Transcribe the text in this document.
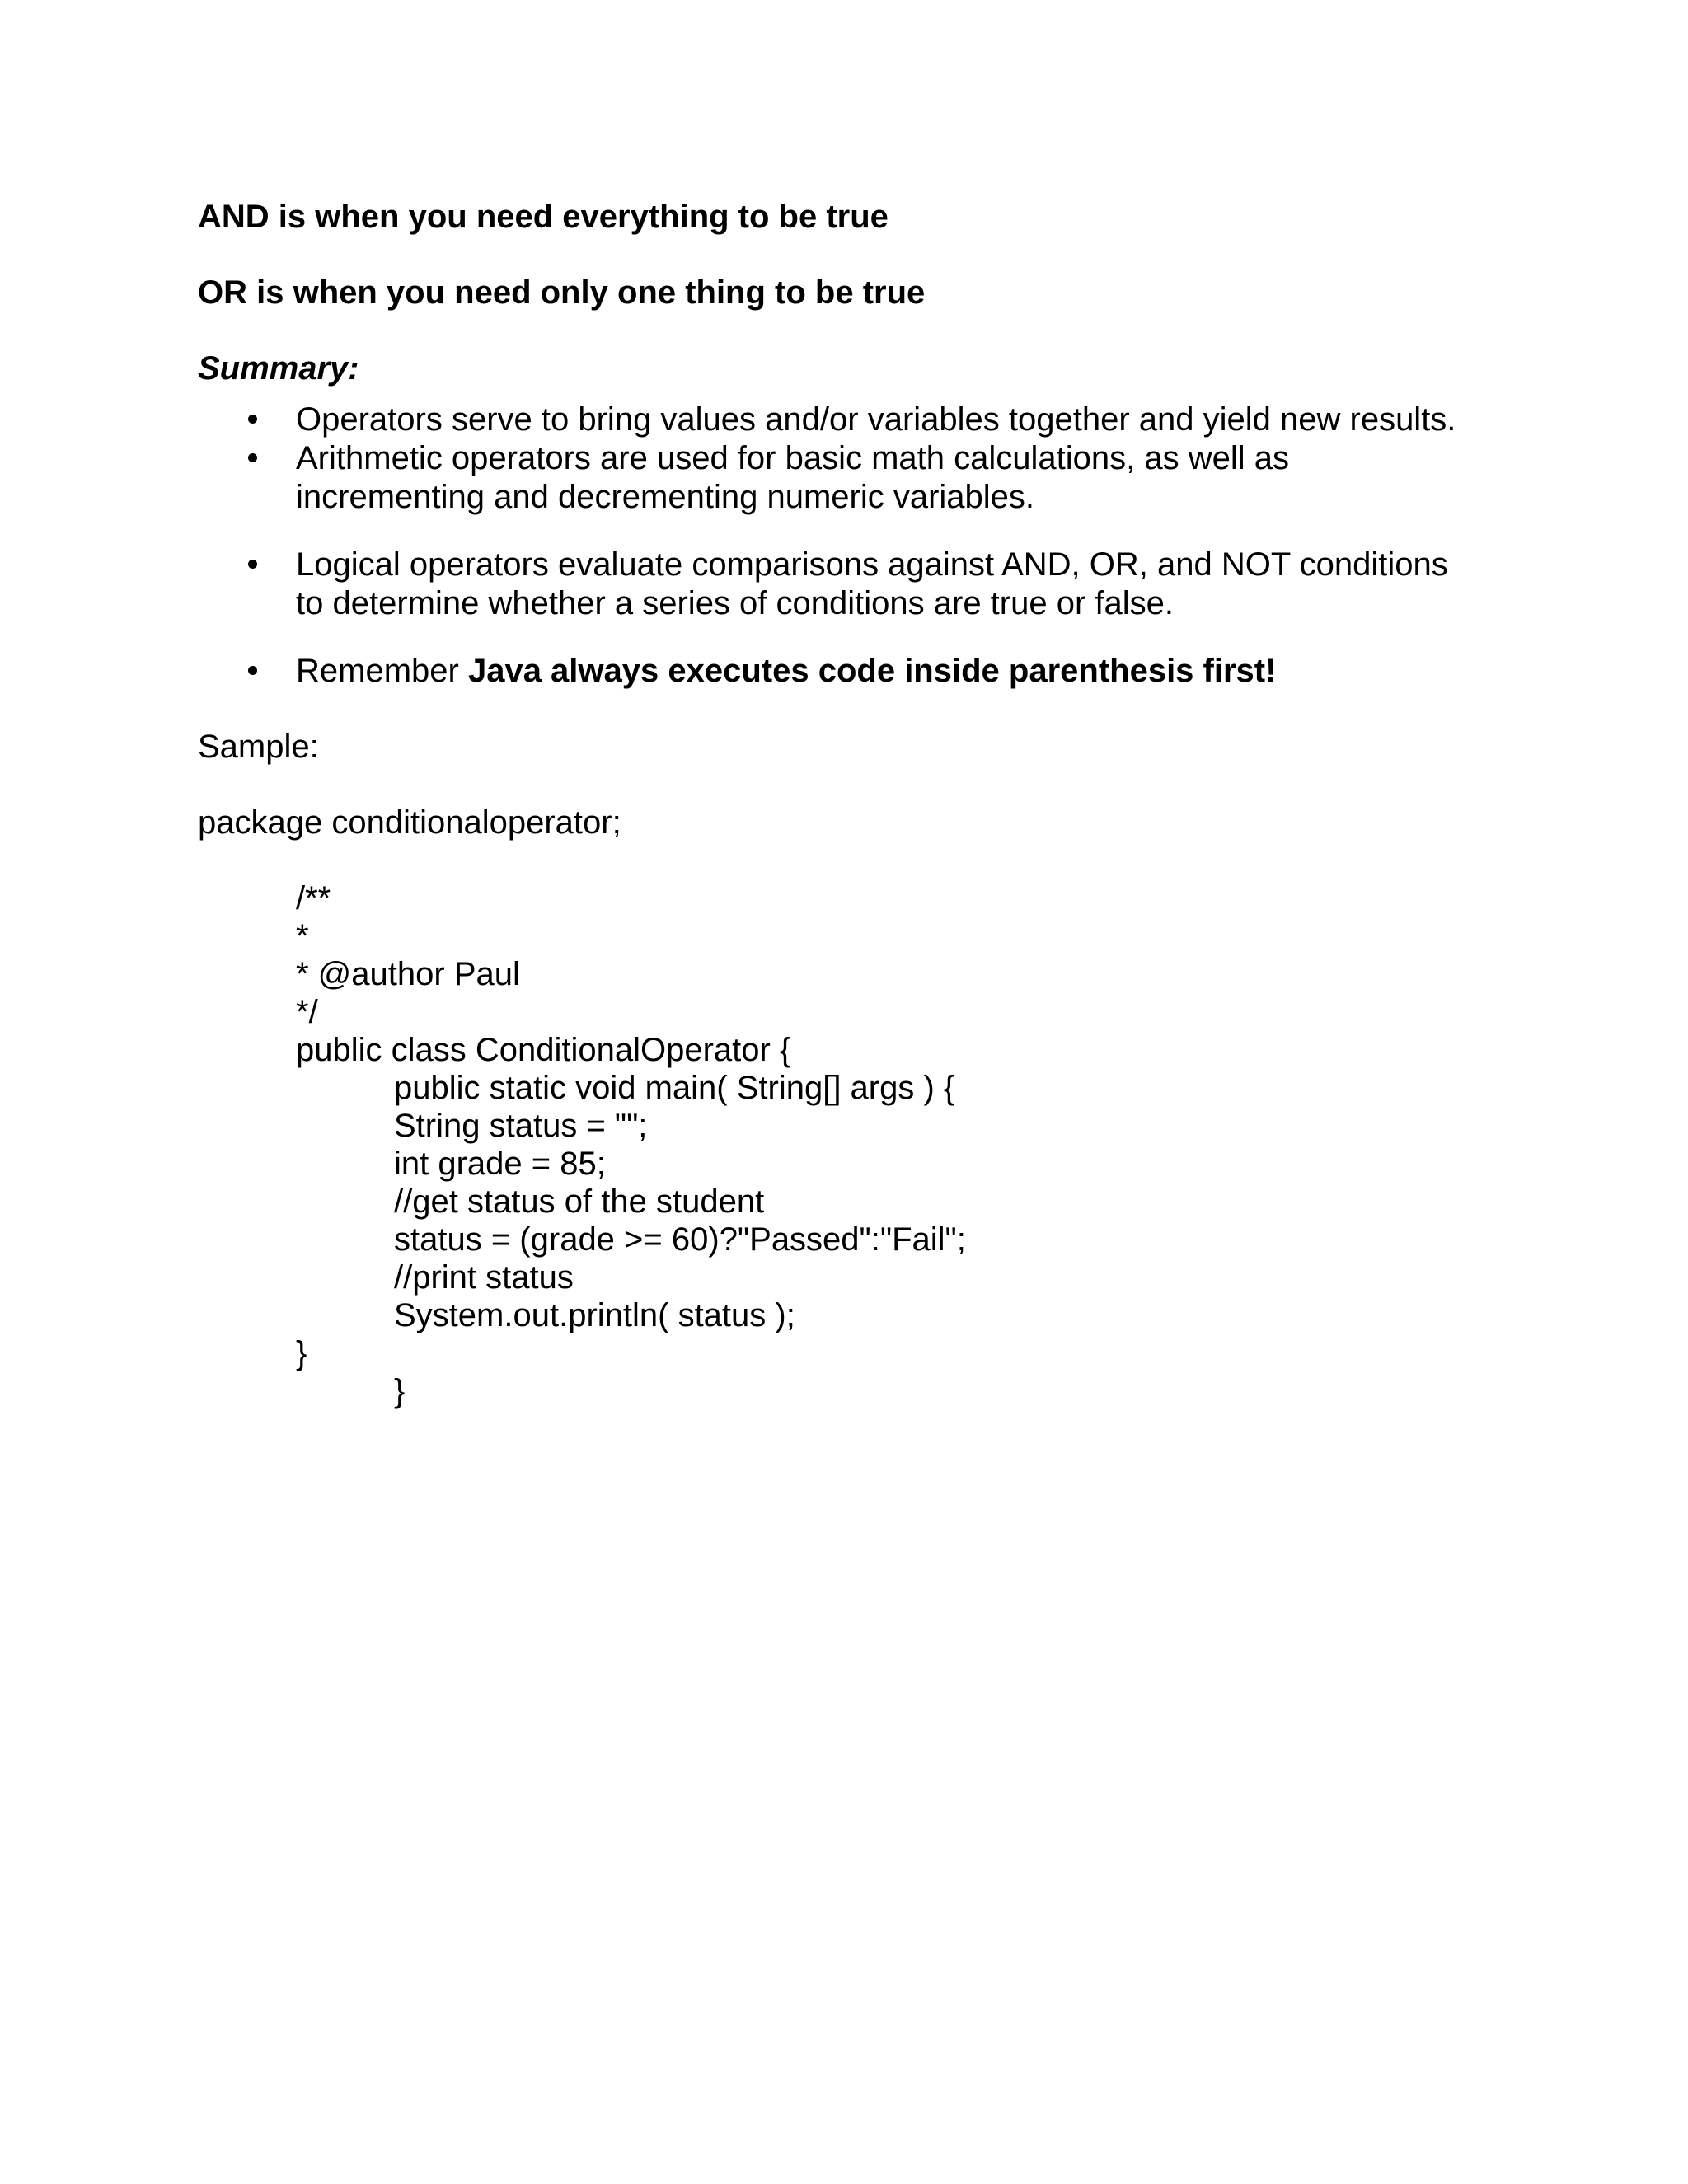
AND is when you need everything to be true
OR is when you need only one thing to be true
Summary:
Operators serve to bring values and/or variables together and yield new results.
Arithmetic operators are used for basic math calculations, as well as
incrementing and decrementing numeric variables.
Logical operators evaluate comparisons against AND, OR, and NOT conditions
to determine whether a series of conditions are true or false.
Remember Java always executes code inside parenthesis first!
Sample:
package conditionaloperator;
/**
*
* @author Paul
*/
public class ConditionalOperator {
public static void main( String[] args ) {
String status = "";
int grade = 85;
//get status of the student
status = (grade >= 60)?"Passed":"Fail";
//print status
System.out.println( status );
}
}
